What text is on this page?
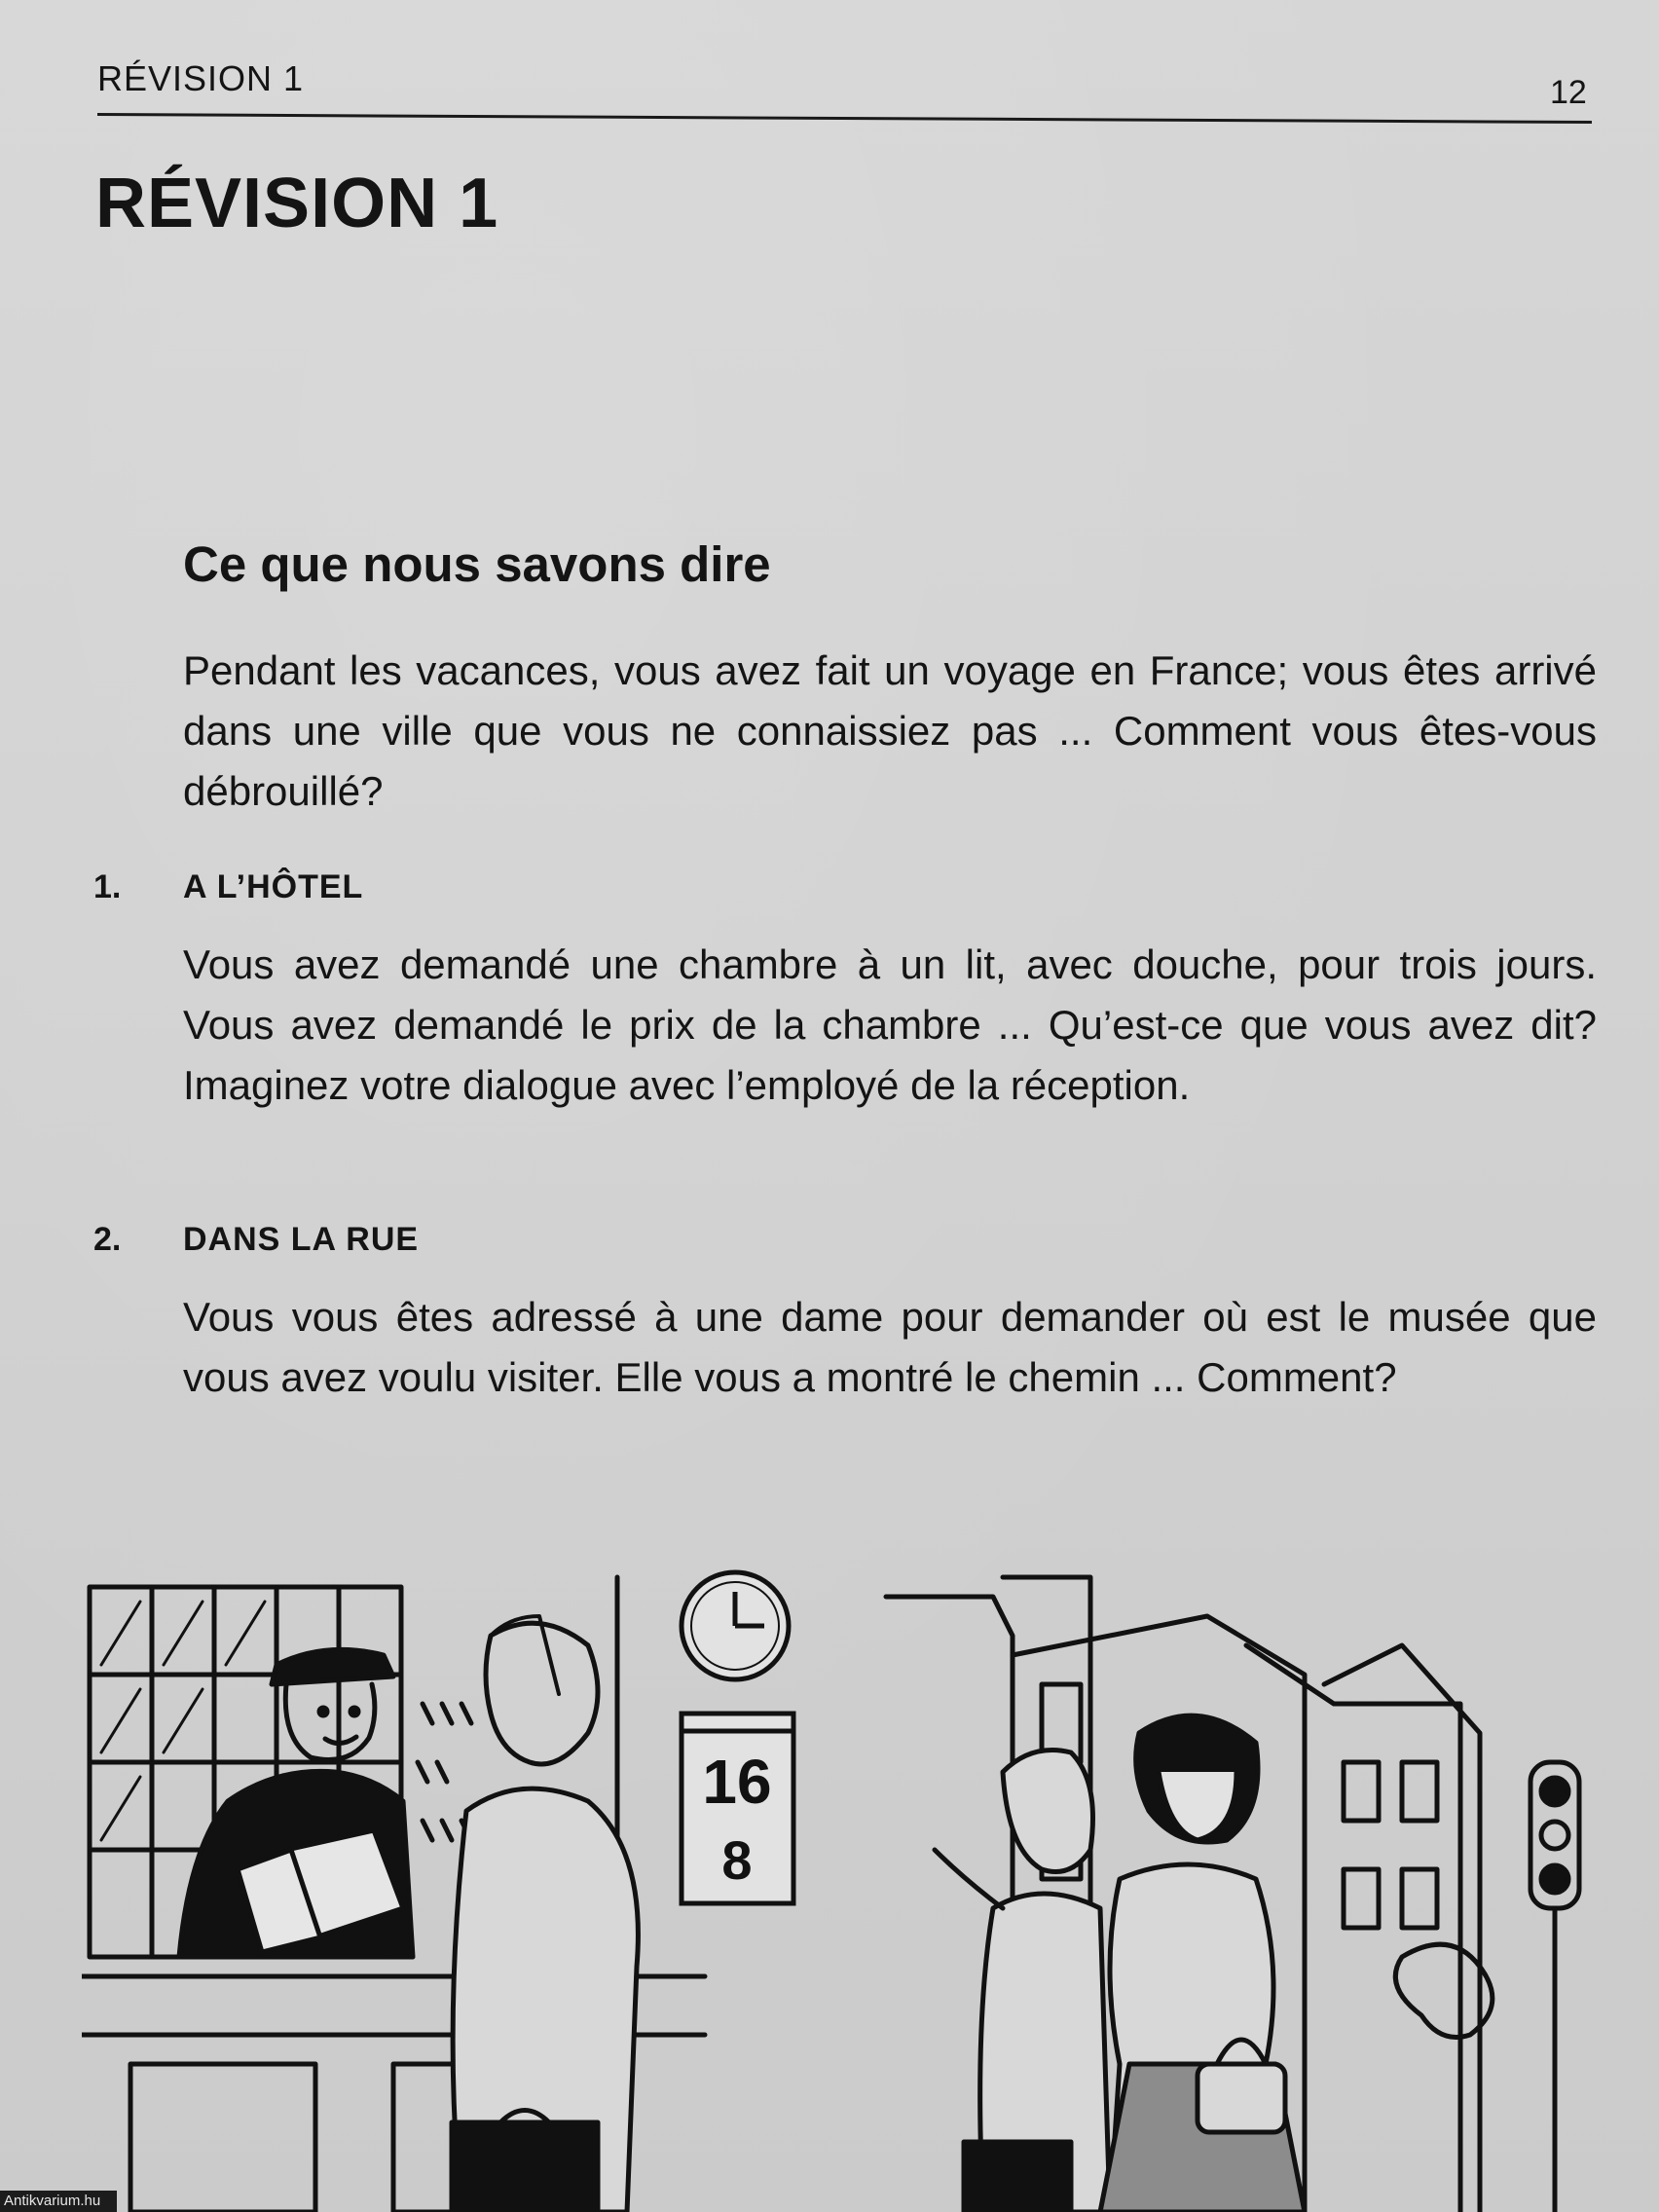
RÉVISION 1	12
RÉVISION 1
Ce que nous savons dire

Pendant les vacances, vous avez fait un voyage en France; vous êtes arrivé dans une ville que vous ne connaissiez pas ... Comment vous êtes-vous débrouillé?

1. A L’HÔTEL

Vous avez demandé une chambre à un lit, avec douche, pour trois jours. Vous avez demandé le prix de la chambre ... Qu’est-ce que vous avez dit? Imaginez votre dialogue avec l’employé de la réception.

2. DANS LA RUE

Vous vous êtes adressé à une dame pour demander où est le musée que vous avez voulu visiter. Elle vous a montré le chemin ... Comment?

16
8
Antikvarium.hu
